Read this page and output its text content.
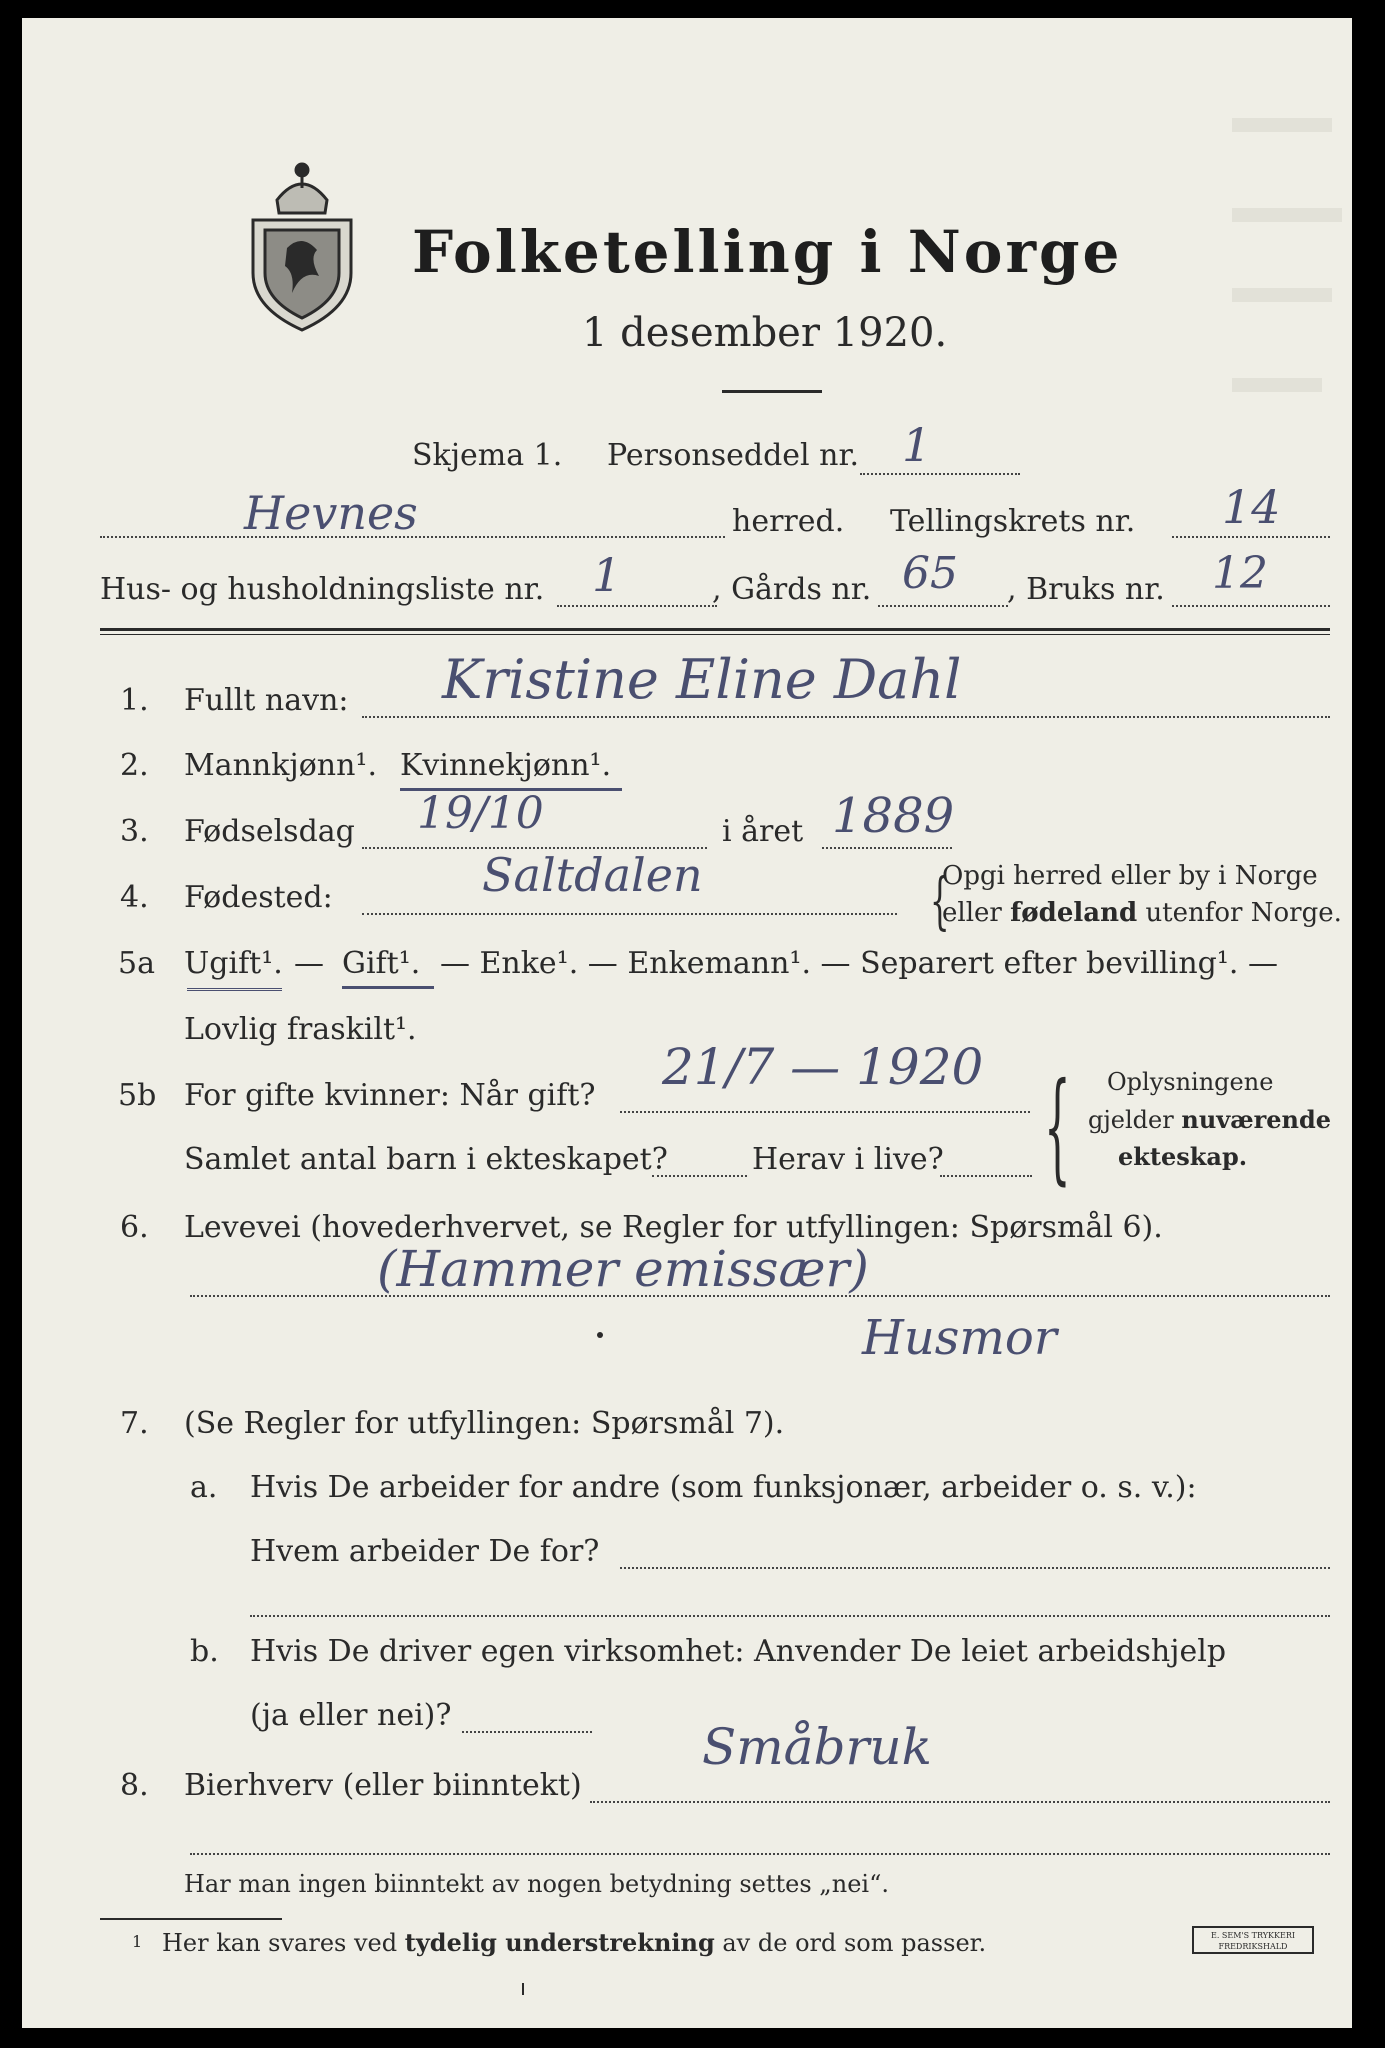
Folketelling i Norge
1 desember 1920.
Skjema 1. Personseddel nr. 1
Hevnes	herred. Tellingskrets nr. 14
Hus- og husholdningsliste nr. 1	, Gårds nr. 65 , Bruks nr. 12
1. Fullt navn: Kristine Eline Dahl
2. Mannkjønn¹. Kvinnekjønn¹.
3. Fødselsdag 19/10	i året 1889
4. Fødested:	Saltdalen	{
Opgi herred eller by i Norge
eller fødeland utenfor Norge.
5a Ugift¹. — Gift¹. — Enke¹. — Enkemann¹. — Separert efter bevilling¹. —
Lovlig fraskilt¹.
5b For gifte kvinner: Når gift? 21/7 — 1920
Samlet antal barn i ekteskapet?	Herav i live? { Oplysningene
gjelder nuværende
ekteskap.
6. Levevei (hovederhvervet, se Regler for utfyllingen: Spørsmål 6).
(Hammer emissær)
Husmor
7. (Se Regler for utfyllingen: Spørsmål 7).
a. Hvis De arbeider for andre (som funksjonær, arbeider o. s. v.):
Hvem arbeider De for?
b. Hvis De driver egen virksomhet: Anvender De leiet arbeidshjelp
(ja eller nei)?
8. Bierhverv (eller biinntekt)
Småbruk
Har man ingen biinntekt av nogen betydning settes „nei“.
1 Her kan svares ved tydelig understrekning av de ord som passer.	E. SEM'S TRYKKERI
FREDRIKSHALD
